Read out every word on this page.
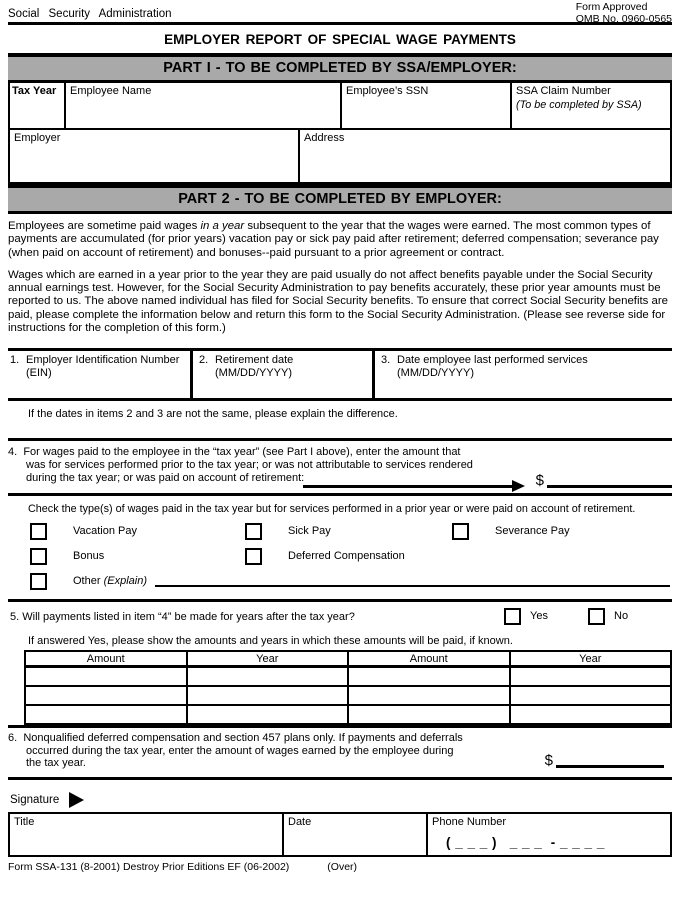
Social Security Administration
Form Approved
OMB No. 0960-0565
EMPLOYER REPORT OF SPECIAL WAGE PAYMENTS
PART I - TO BE COMPLETED BY SSA/EMPLOYER:
Tax Year	Employee Name	Employee’s SSN	SSA Claim Number
(To be completed by SSA)
Employer	Address
PART 2 - TO BE COMPLETED BY EMPLOYER:

Employees are sometime paid wages in a year subsequent to the year that the wages were earned. The most common types of payments are accumulated (for prior years) vacation pay or sick pay paid after retirement; deferred compensation; severance pay (when paid on account of retirement) and bonuses--paid pursuant to a prior agreement or contract.

Wages which are earned in a year prior to the year they are paid usually do not affect benefits payable under the Social Security annual earnings test. However, for the Social Security Administration to pay benefits accurately, these prior year amounts must be reported to us. The above named individual has filed for Social Security benefits. To ensure that correct Social Security benefits are paid, please complete the information below and return this form to the Social Security Administration. (Please see reverse side for instructions for the completion of this form.)

1. Employer Identification Number
(EIN)
2. Retirement date
(MM/DD/YYYY)
3. Date employee last performed services
(MM/DD/YYYY)
If the dates in items 2 and 3 are not the same, please explain the difference.
4. For wages paid to the employee in the “tax year” (see Part I above), enter the amount that
was for services performed prior to the tax year; or was not attributable to services rendered
during the tax year; or was paid on account of retirement:	$
Check the type(s) of wages paid in the tax year but for services performed in a prior year or were paid on account of retirement.
Vacation Pay	Sick Pay	Severance Pay
Bonus	Deferred Compensation
Other (Explain)
5. Will payments listed in item “4” be made for years after the tax year?	Yes	No
If answered Yes, please show the amounts and years in which these amounts will be paid, if known.
Amount	Year	Amount	Year

6. Nonqualified deferred compensation and section 457 plans only. If payments and deferrals
occurred during the tax year, enter the amount of wages earned by the employee during
the tax year.	$
Signature
Title	Date	Phone Number
( _ _ _ )   _ _ _  - _ _ _ _
Form SSA-131 (8-2001) Destroy Prior Editions EF (06-2002)	(Over)
